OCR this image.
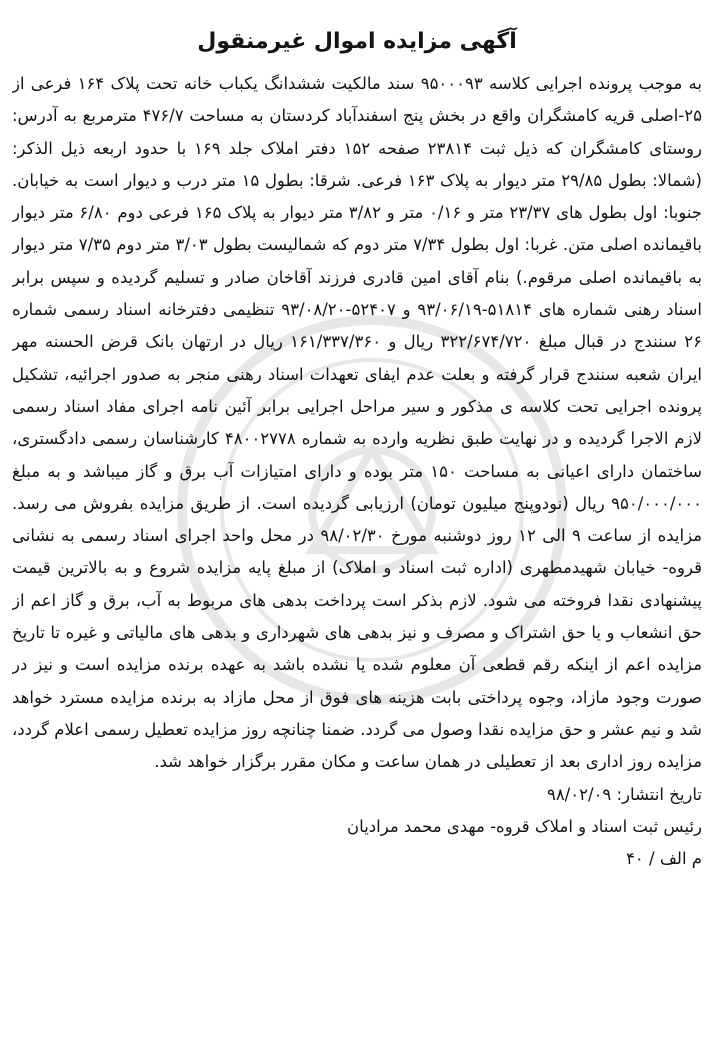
آگهی مزایده اموال غیرمنقول

به موجب پرونده اجرایی کلاسه ۹۵۰۰۰۹۳ سند مالکیت ششدانگ یکباب خانه تحت پلاک ۱۶۴ فرعی از ۲۵-اصلی قریه کامشگران واقع در بخش پنج اسفندآباد کردستان به مساحت ۴۷۶/۷ مترمربع به آدرس: روستای کامشگران که ذیل ثبت ۲۳۸۱۴ صفحه ۱۵۲ دفتر املاک جلد ۱۶۹ با حدود اربعه ذیل الذکر:(شمالا: بطول ۲۹/۸۵ متر دیوار به پلاک ۱۶۳ فرعی. شرقا: بطول ۱۵ متر درب و دیوار است به خیابان. جنوبا: اول بطول های ۲۳/۳۷ متر و ۰/۱۶ متر و ۳/۸۲ متر دیوار به پلاک ۱۶۵ فرعی دوم ۶/۸۰ متر دیوار باقیمانده اصلی متن. غربا: اول بطول ۷/۳۴ متر دوم که شمالیست بطول ۳/۰۳ متر دوم ۷/۳۵ متر دیوار به باقیمانده اصلی مرقوم.) بنام آقای امین قادری فرزند آقاخان صادر و تسلیم گردیده و سپس برابر اسناد رهنی شماره های ۵۱۸۱۴-۹۳/۰۶/۱۹ و ۵۲۴۰۷-۹۳/۰۸/۲۰ تنظیمی دفترخانه اسناد رسمی شماره ۲۶ سنندج در قبال مبلغ ۳۲۲/۶۷۴/۷۲۰ ریال و ۱۶۱/۳۳۷/۳۶۰ ریال در ارتهان بانک قرض الحسنه مهر ایران شعبه سنندج قرار گرفته و بعلت عدم ایفای تعهدات اسناد رهنی منجر به صدور اجرائیه، تشکیل پرونده اجرایی تحت کلاسه ی مذکور و سیر مراحل اجرایی برابر آئین نامه اجرای مفاد اسناد رسمی لازم الاجرا گردیده و در نهایت طبق نظریه وارده به شماره ۴۸۰۰۲۷۷۸ کارشناسان رسمی دادگستری، ساختمان دارای اعیانی به مساحت ۱۵۰ متر بوده و دارای امتیازات آب برق و گاز میباشد و به مبلغ ۹۵۰/۰۰۰/۰۰۰ ریال (نودوپنج میلیون تومان) ارزیابی گردیده است. از طریق مزایده بفروش می رسد. مزایده از ساعت ۹ الی ۱۲ روز دوشنبه مورخ ۹۸/۰۲/۳۰ در محل واحد اجرای اسناد رسمی به نشانی قروه- خیابان شهیدمطهری (اداره ثبت اسناد و املاک) از مبلغ پایه مزایده شروع و به بالاترین قیمت پیشنهادی نقدا فروخته می شود. لازم بذکر است پرداخت بدهی های مربوط به آب، برق و گاز اعم از حق انشعاب و یا حق اشتراک و مصرف و نیز بدهی های شهرداری و بدهی های مالیاتی و غیره تا تاریخ مزایده اعم از اینکه رقم قطعی آن معلوم شده یا نشده باشد به عهده برنده مزایده است و نیز در صورت وجود مازاد، وجوه پرداختی بابت هزینه های فوق از محل مازاد به برنده مزایده مسترد خواهد شد و نیم عشر و حق مزایده نقدا وصول می گردد. ضمنا چنانچه روز مزایده تعطیل رسمی اعلام گردد، مزایده روز اداری بعد از تعطیلی در همان ساعت و مکان مقرر برگزار خواهد شد.

تاریخ انتشار: ۹۸/۰۲/۰۹

رئیس ثبت اسناد و املاک قروه- مهدی محمد مرادیان

م الف / ۴۰
